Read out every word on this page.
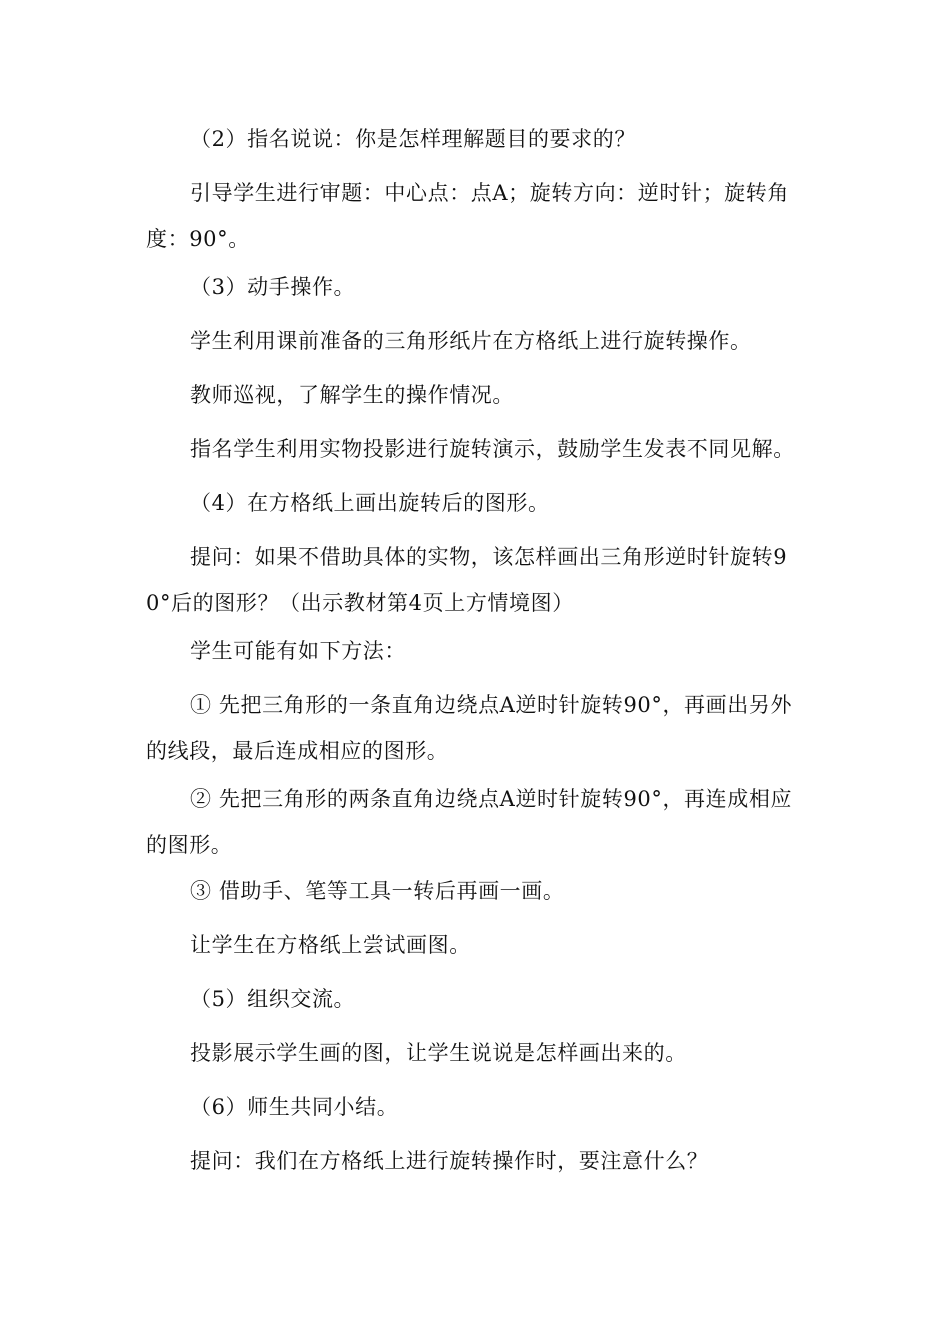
（2）指名说说：你是怎样理解题目的要求的？

引导学生进行审题：中心点：点A；旋转方向：逆时针；旋转角度：90°。

（3）动手操作。

学生利用课前准备的三角形纸片在方格纸上进行旋转操作。

教师巡视，了解学生的操作情况。

指名学生利用实物投影进行旋转演示，鼓励学生发表不同见解。

（4）在方格纸上画出旋转后的图形。

提问：如果不借助具体的实物，该怎样画出三角形逆时针旋转90°后的图形？（出示教材第4页上方情境图）

学生可能有如下方法：

① 先把三角形的一条直角边绕点A逆时针旋转90°，再画出另外的线段，最后连成相应的图形。

② 先把三角形的两条直角边绕点A逆时针旋转90°，再连成相应的图形。

③ 借助手、笔等工具一转后再画一画。

让学生在方格纸上尝试画图。

（5）组织交流。

投影展示学生画的图，让学生说说是怎样画出来的。

（6）师生共同小结。

提问：我们在方格纸上进行旋转操作时，要注意什么？
